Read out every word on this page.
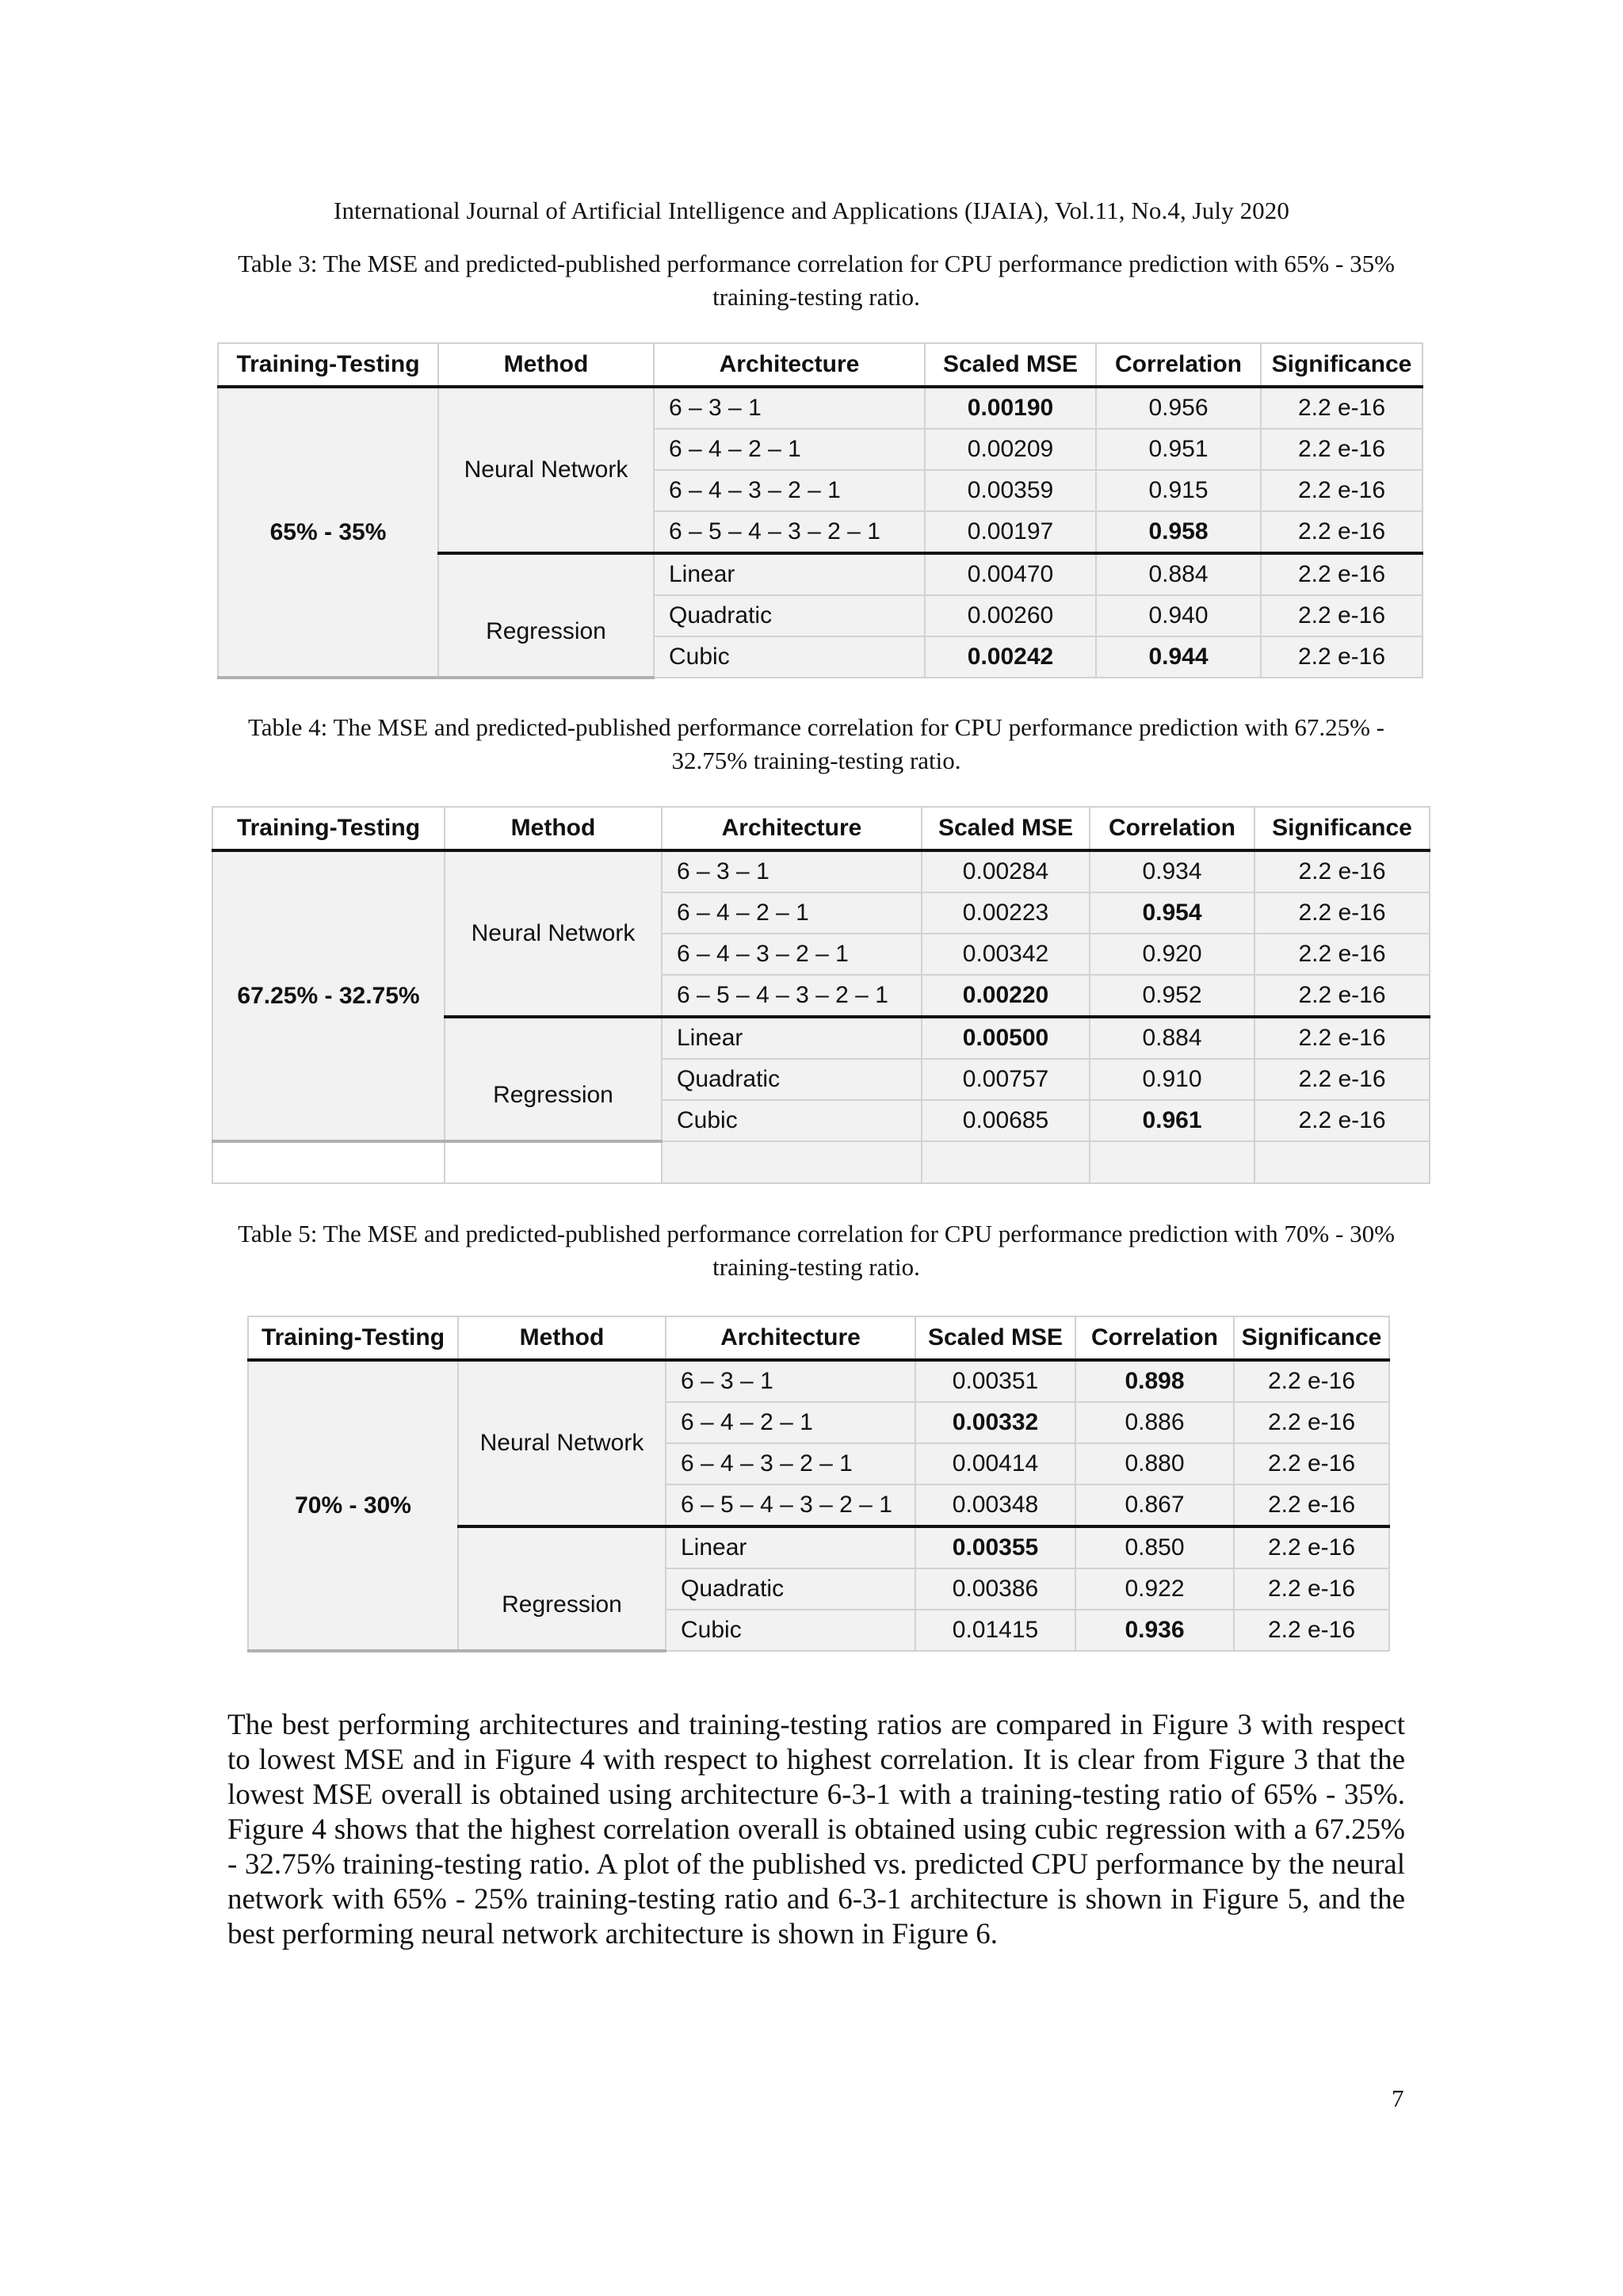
International Journal of Artificial Intelligence and Applications (IJAIA), Vol.11, No.4, July 2020
Table 3: The MSE and predicted-published performance correlation for CPU performance prediction with 65% - 35% training-testing ratio.
Training-Testing	Method	Architecture	Scaled MSE	Correlation	Significance
65% - 35%	Neural Network	6 – 3 – 1	0.00190	0.956	2.2 e-16
		6 – 4 – 2 – 1	0.00209	0.951	2.2 e-16
		6 – 4 – 3 – 2 – 1	0.00359	0.915	2.2 e-16
		6 – 5 – 4 – 3 – 2 – 1	0.00197	0.958	2.2 e-16
	Regression	Linear	0.00470	0.884	2.2 e-16
		Quadratic	0.00260	0.940	2.2 e-16
		Cubic	0.00242	0.944	2.2 e-16
Table 4: The MSE and predicted-published performance correlation for CPU performance prediction with 67.25% - 32.75% training-testing ratio.
Training-Testing	Method	Architecture	Scaled MSE	Correlation	Significance
67.25% - 32.75%	Neural Network	6 – 3 – 1	0.00284	0.934	2.2 e-16
		6 – 4 – 2 – 1	0.00223	0.954	2.2 e-16
		6 – 4 – 3 – 2 – 1	0.00342	0.920	2.2 e-16
		6 – 5 – 4 – 3 – 2 – 1	0.00220	0.952	2.2 e-16
	Regression	Linear	0.00500	0.884	2.2 e-16
		Quadratic	0.00757	0.910	2.2 e-16
		Cubic	0.00685	0.961	2.2 e-16

Table 5: The MSE and predicted-published performance correlation for CPU performance prediction with 70% - 30% training-testing ratio.
Training-Testing	Method	Architecture	Scaled MSE	Correlation	Significance
70% - 30%	Neural Network	6 – 3 – 1	0.00351	0.898	2.2 e-16
		6 – 4 – 2 – 1	0.00332	0.886	2.2 e-16
		6 – 4 – 3 – 2 – 1	0.00414	0.880	2.2 e-16
		6 – 5 – 4 – 3 – 2 – 1	0.00348	0.867	2.2 e-16
	Regression	Linear	0.00355	0.850	2.2 e-16
		Quadratic	0.00386	0.922	2.2 e-16
		Cubic	0.01415	0.936	2.2 e-16

The best performing architectures and training-testing ratios are compared in Figure 3 with respect to lowest MSE and in Figure 4 with respect to highest correlation. It is clear from Figure 3 that the lowest MSE overall is obtained using architecture 6-3-1 with a training-testing ratio of 65% - 35%. Figure 4 shows that the highest correlation overall is obtained using cubic regression with a 67.25% - 32.75% training-testing ratio. A plot of the published vs. predicted CPU performance by the neural network with 65% - 25% training-testing ratio and 6-3-1 architecture is shown in Figure 5, and the best performing neural network architecture is shown in Figure 6.

7
